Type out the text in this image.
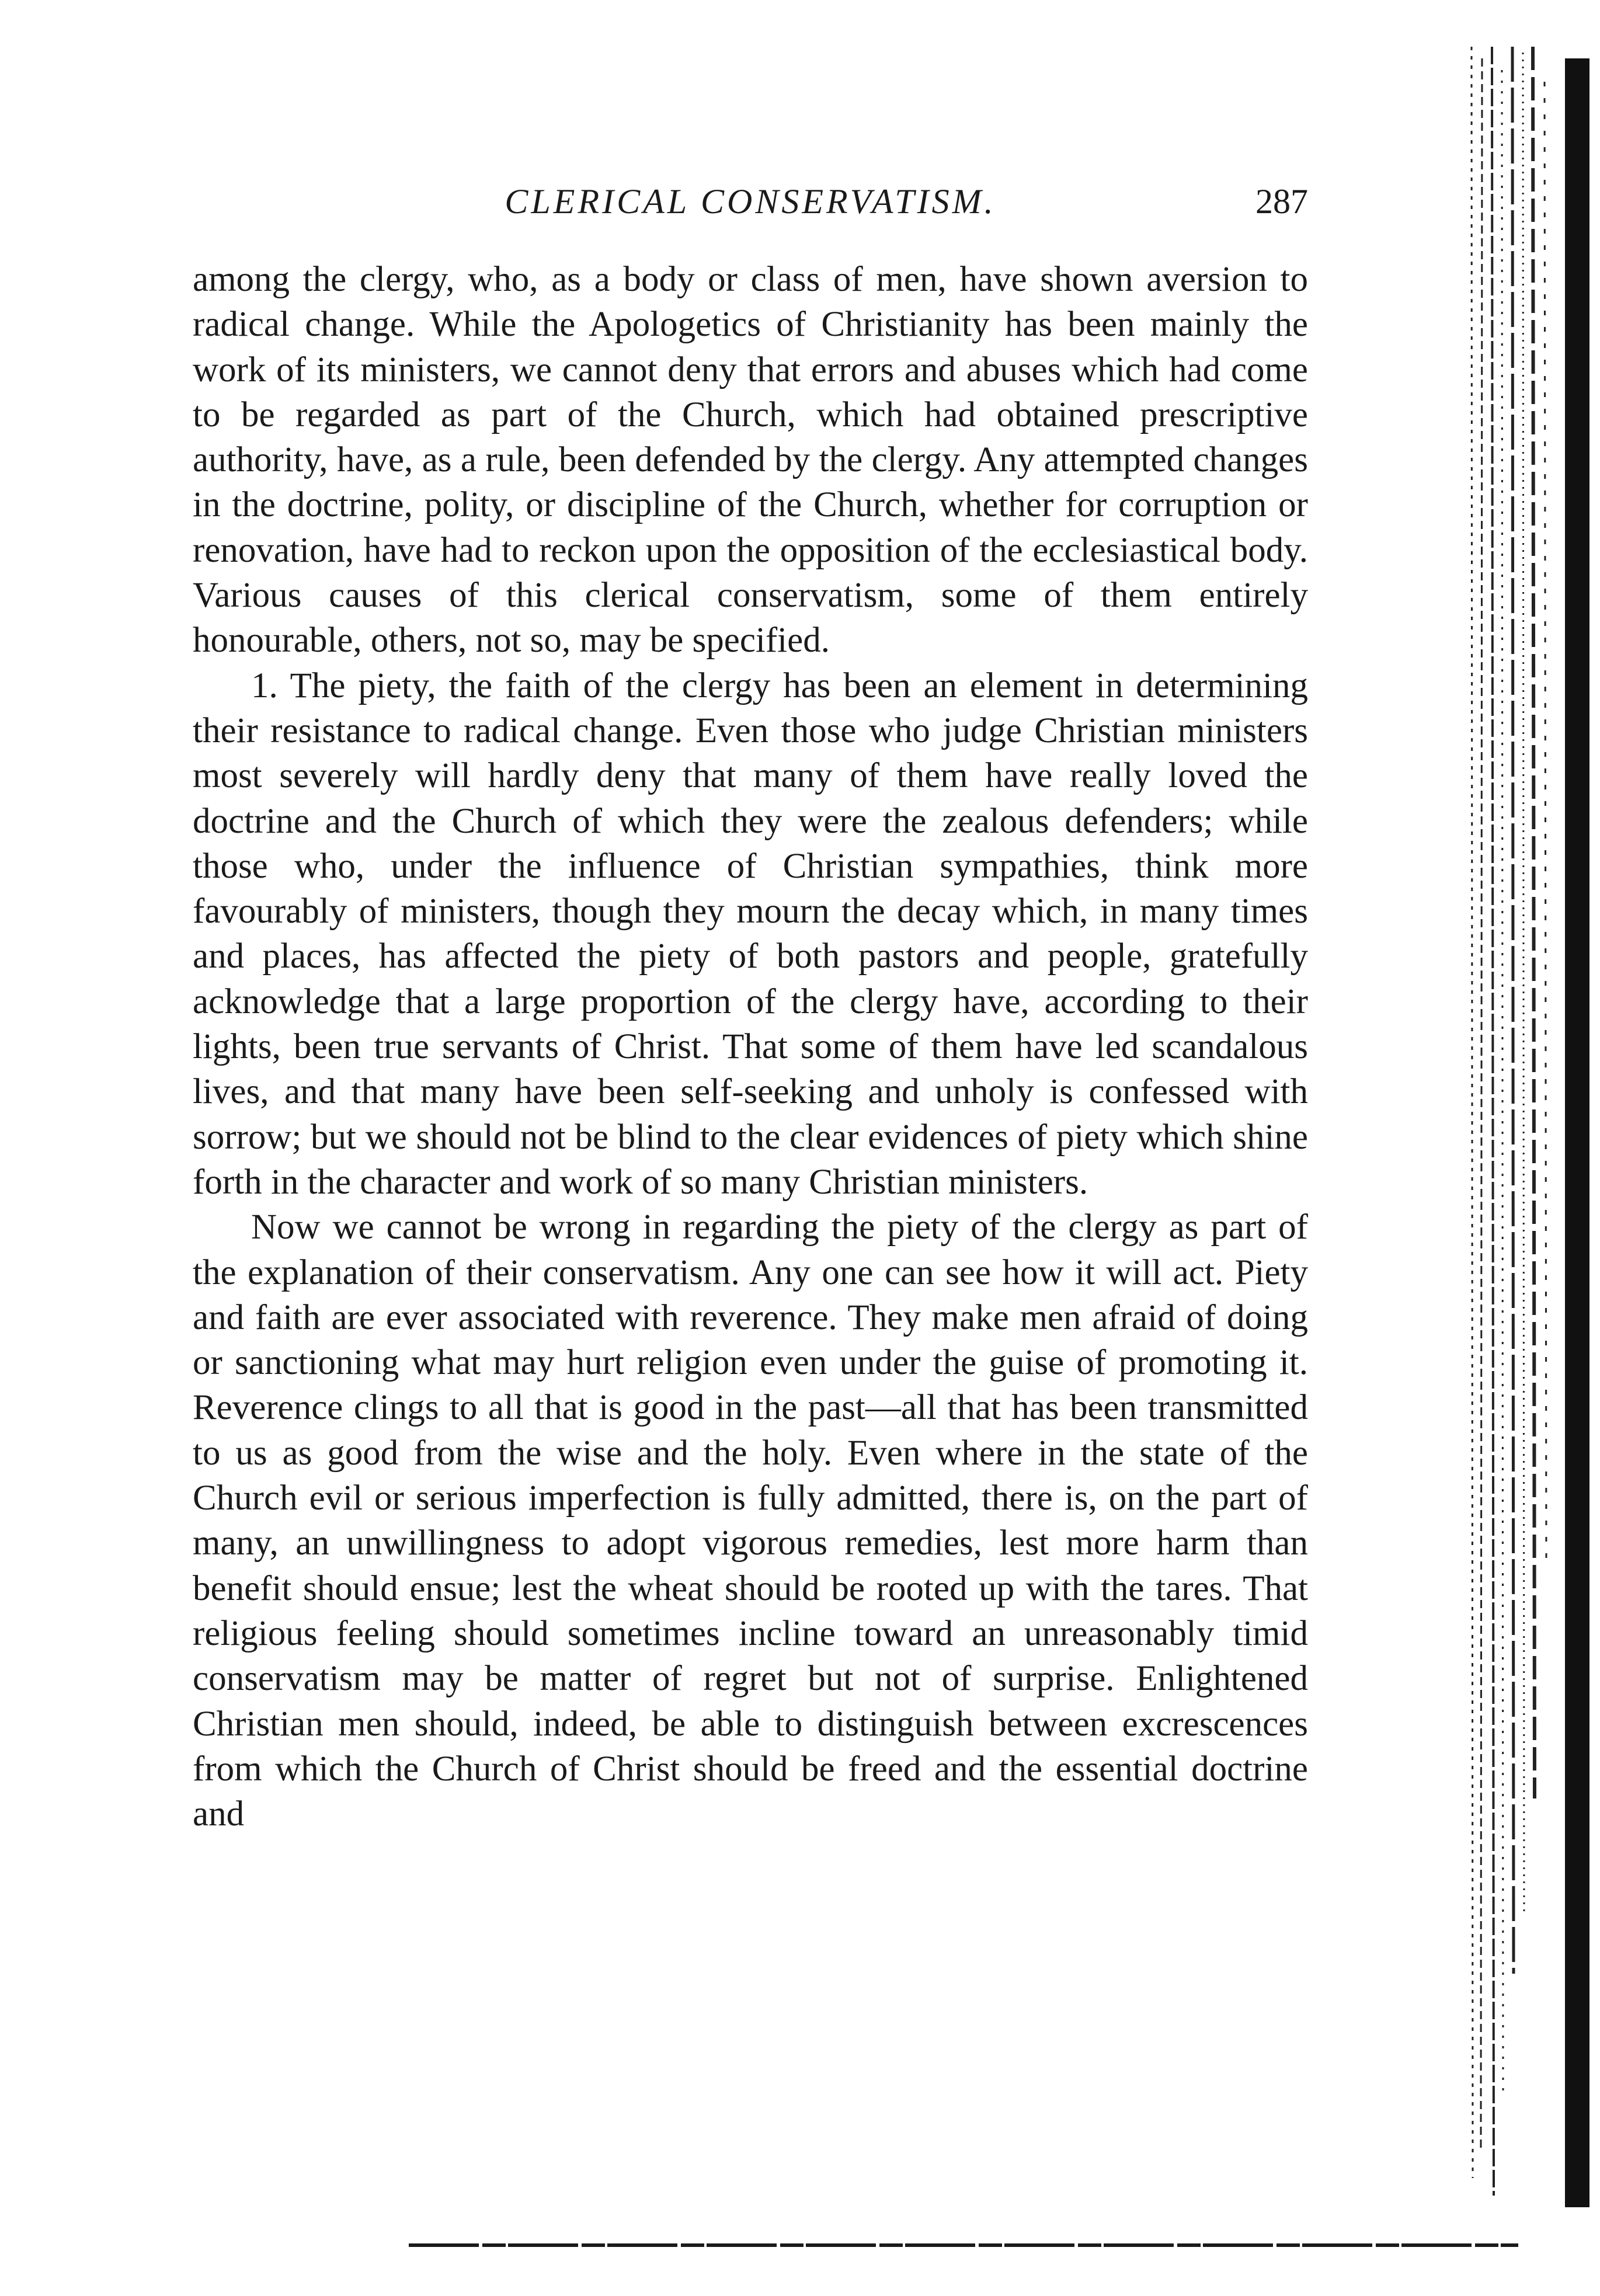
CLERICAL CONSERVATISM.	287

among the clergy, who, as a body or class of men, have shown aversion to radical change. While the Apologetics of Christianity has been mainly the work of its ministers, we cannot deny that errors and abuses which had come to be regarded as part of the Church, which had obtained prescriptive authority, have, as a rule, been defended by the clergy. Any attempted changes in the doctrine, polity, or discipline of the Church, whether for corruption or renovation, have had to reckon upon the opposition of the ecclesiastical body. Various causes of this clerical conservatism, some of them entirely honourable, others, not so, may be specified.

1. The piety, the faith of the clergy has been an element in determining their resistance to radical change. Even those who judge Christian ministers most severely will hardly deny that many of them have really loved the doctrine and the Church of which they were the zealous defenders; while those who, under the influence of Christian sympathies, think more favourably of ministers, though they mourn the decay which, in many times and places, has affected the piety of both pastors and people, gratefully acknowledge that a large proportion of the clergy have, according to their lights, been true servants of Christ. That some of them have led scandalous lives, and that many have been self-seeking and unholy is confessed with sorrow; but we should not be blind to the clear evidences of piety which shine forth in the character and work of so many Christian ministers.

Now we cannot be wrong in regarding the piety of the clergy as part of the explanation of their conservatism. Any one can see how it will act. Piety and faith are ever associated with reverence. They make men afraid of doing or sanctioning what may hurt religion even under the guise of promoting it. Reverence clings to all that is good in the past—all that has been transmitted to us as good from the wise and the holy. Even where in the state of the Church evil or serious imperfection is fully admitted, there is, on the part of many, an unwillingness to adopt vigorous remedies, lest more harm than benefit should ensue; lest the wheat should be rooted up with the tares. That religious feeling should sometimes incline toward an unreasonably timid conservatism may be matter of regret but not of surprise. Enlightened Christian men should, indeed, be able to distinguish between excrescences from which the Church of Christ should be freed and the essential doctrine and
